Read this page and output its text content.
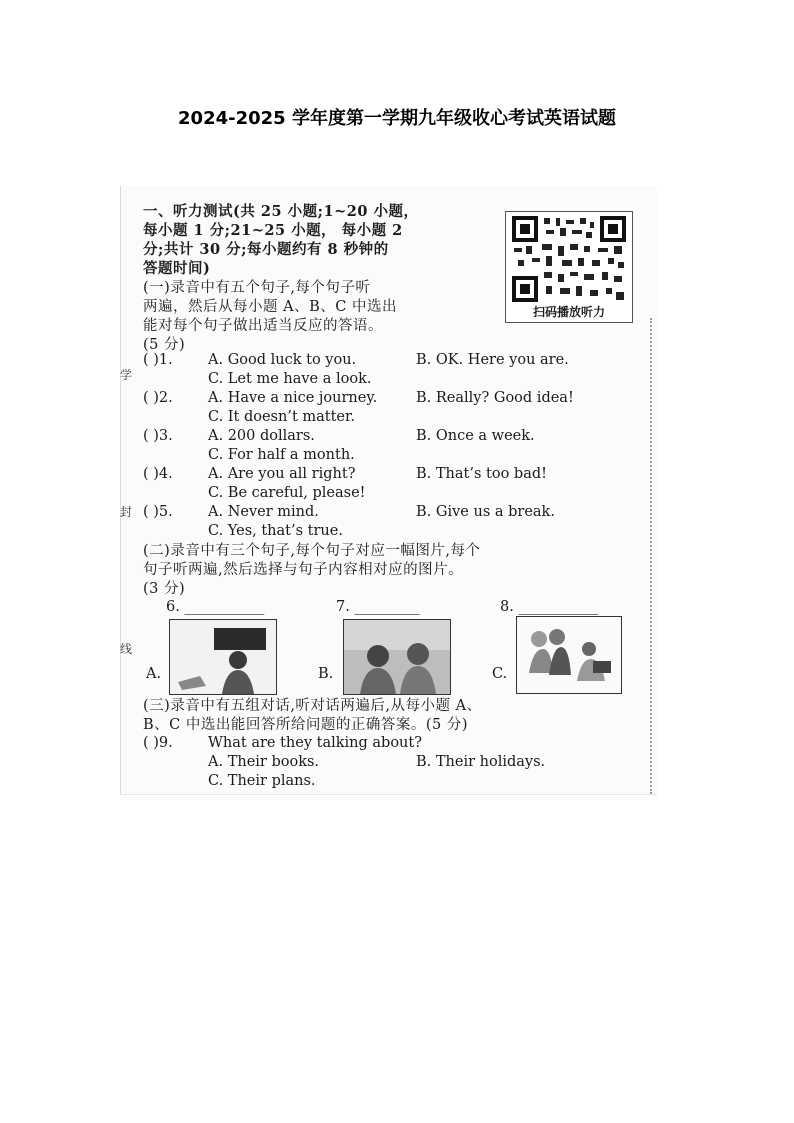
2024-2025 学年度第一学期九年级收心考试英语试题
学
封
线
一、听力测试(共 25 小题;1~20 小题，
每小题 1 分;21~25 小题， 每小题 2
分;共计 30 分;每小题约有 8 秒钟的
答题时间)
(一)录音中有五个句子,每个句子听
两遍，然后从每小题 A、B、C 中选出
能对每个句子做出适当反应的答语。
(5 分)
扫码播放听力
( )1. A. Good luck to you.	B. OK. Here you are.
C. Let me have a look.
( )2. A. Have a nice journey.	B. Really? Good idea!
C. It doesn’t matter.
( )3. A. 200 dollars.	B. Once a week.
C. For half a month.
( )4. A. Are you all right?	B. That’s too bad!
C. Be careful, please!
( )5. A. Never mind.	B. Give us a break.
C. Yes, that’s true.
(二)录音中有三个句子,每个句子对应一幅图片,每个
句子听两遍,然后选择与句子内容相对应的图片。
(3 分)
6. ___________	7. _________	8. ___________
A.	B.	C.
(三)录音中有五组对话,听对话两遍后,从每小题 A、
B、C 中选出能回答所给问题的正确答案。(5 分)
( )9. What are they talking about?
A. Their books.	B. Their holidays.
C. Their plans.
